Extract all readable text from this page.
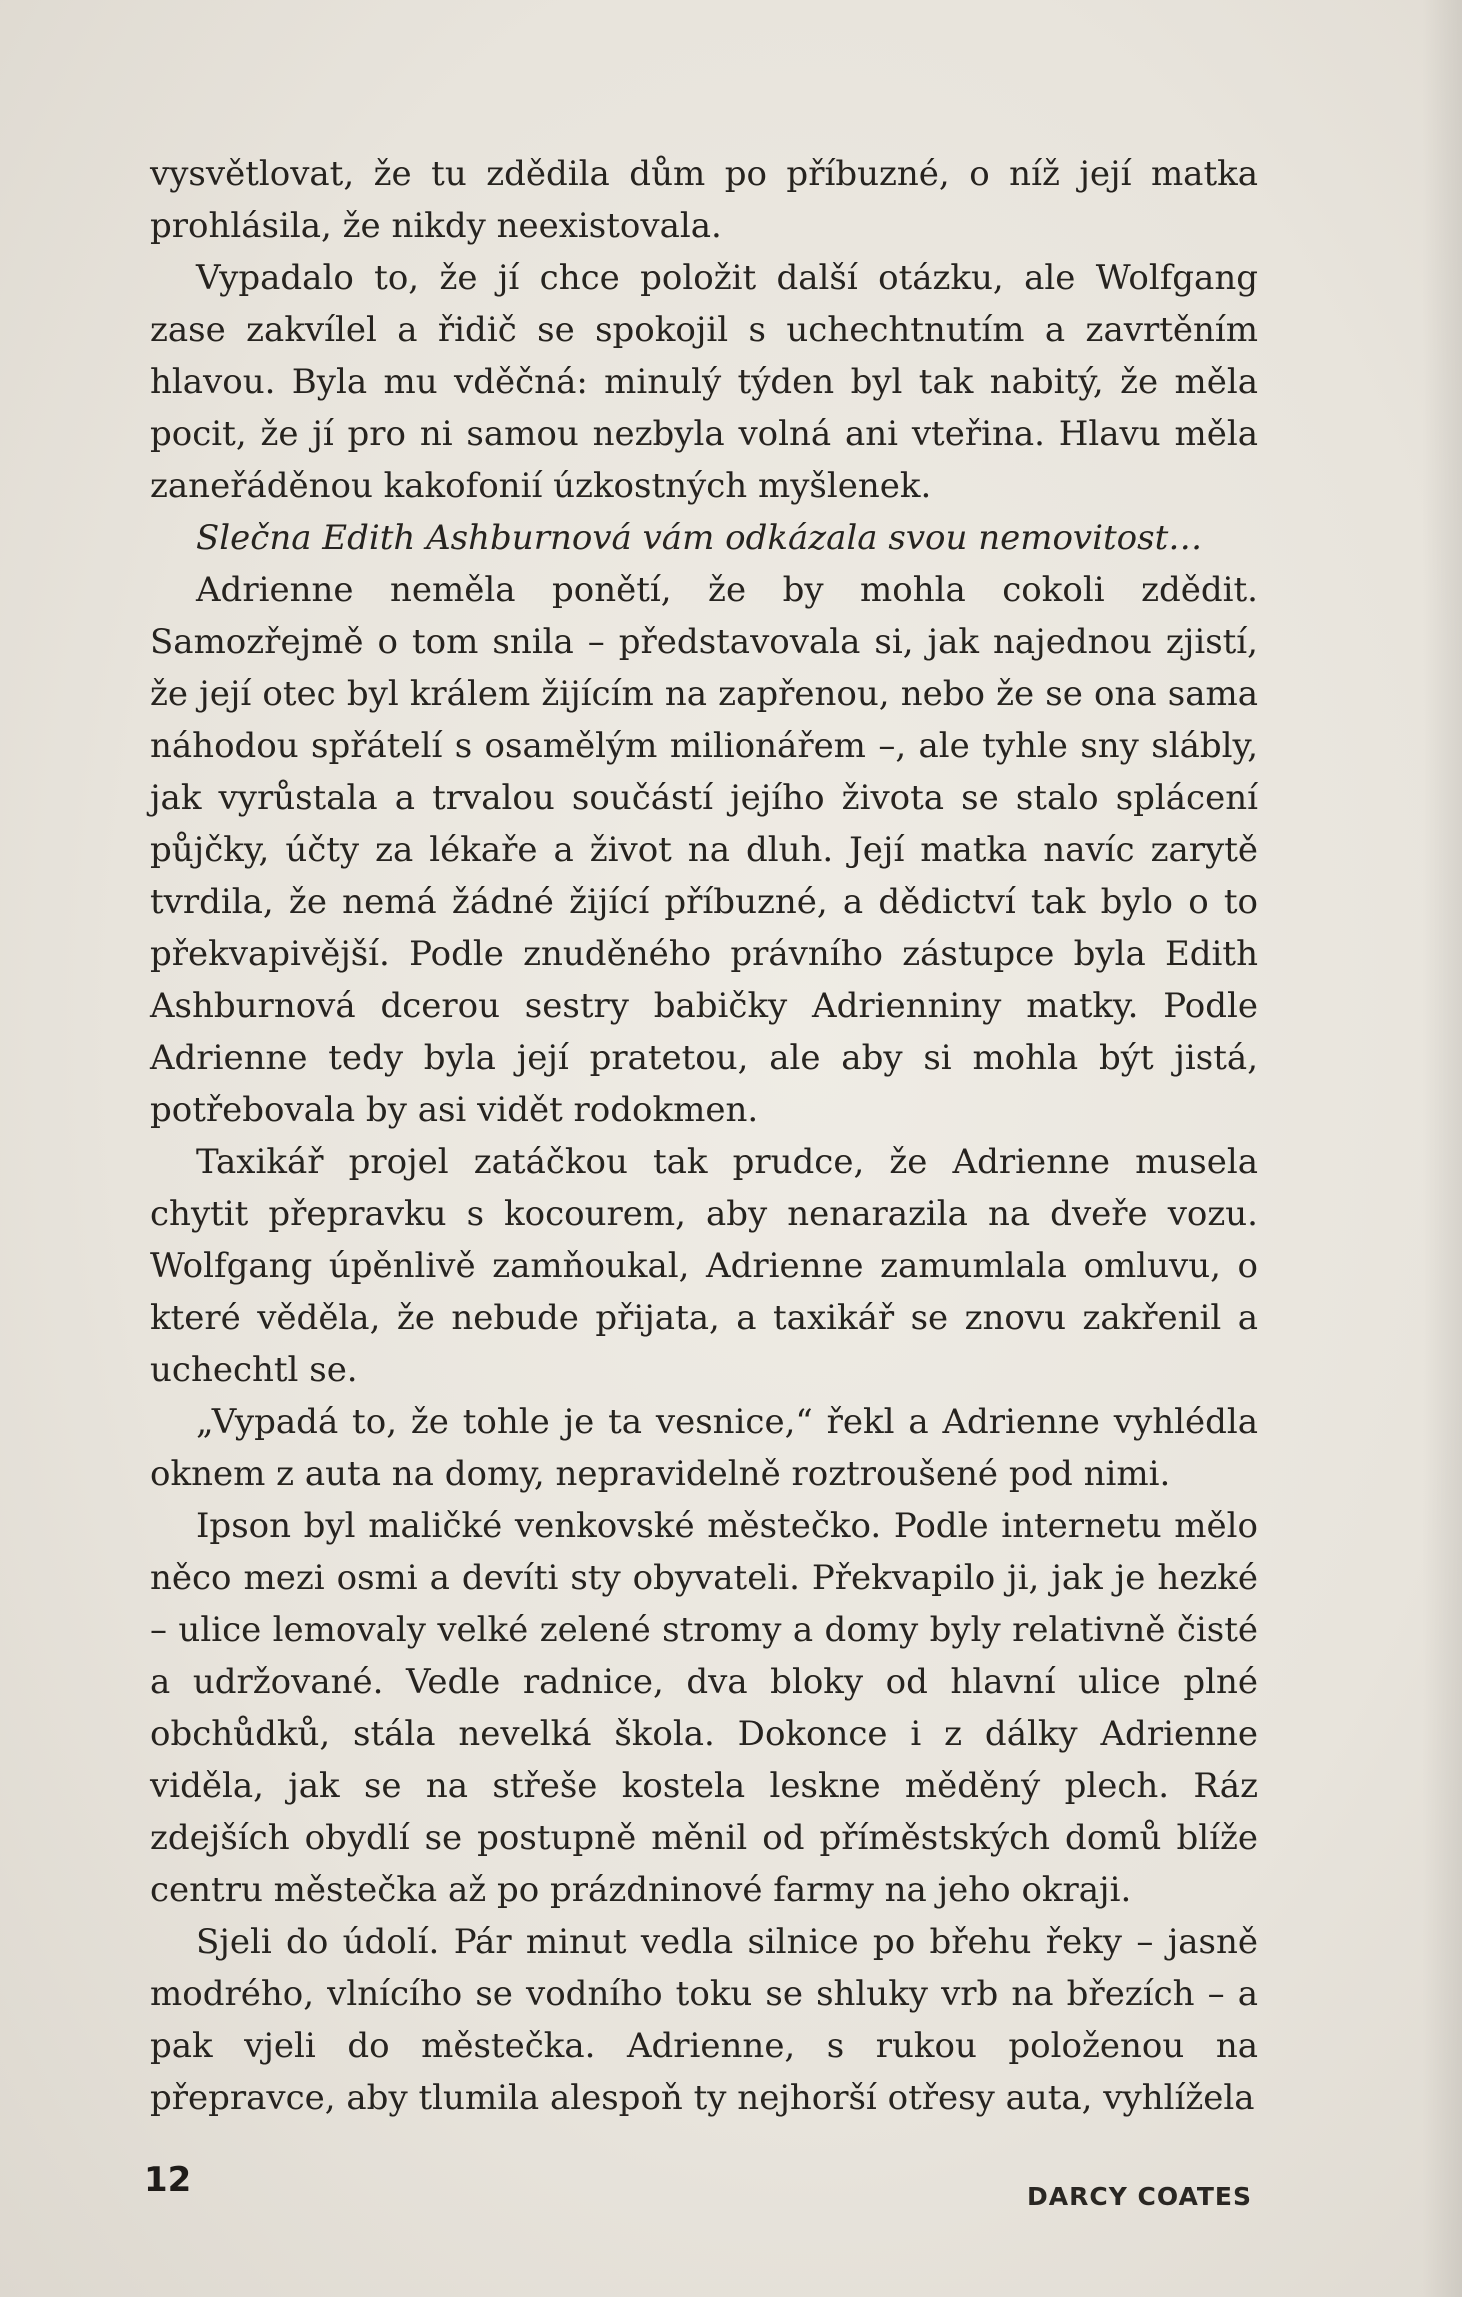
vysvětlovat, že tu zdědila dům po příbuzné, o níž její matka prohlásila, že nikdy neexistovala.

Vypadalo to, že jí chce položit další otázku, ale Wolfgang zase zakvílel a řidič se spokojil s uchechtnutím a zavrtěním hlavou. Byla mu vděčná: minulý týden byl tak nabitý, že měla pocit, že jí pro ni samou nezbyla volná ani vteřina. Hlavu měla zaneřáděnou kakofonií úzkostných myšlenek.

Slečna Edith Ashburnová vám odkázala svou nemovitost…

Adrienne neměla ponětí, že by mohla cokoli zdědit. Samozřejmě o tom snila – představovala si, jak najednou zjistí, že její otec byl králem žijícím na zapřenou, nebo že se ona sama náhodou spřátelí s osamělým milionářem –, ale tyhle sny slábly, jak vyrůstala a trvalou součástí jejího života se stalo splácení půjčky, účty za lékaře a život na dluh. Její matka navíc zarytě tvrdila, že nemá žádné žijící příbuzné, a dědictví tak bylo o to překvapivější. Podle znuděného právního zástupce byla Edith Ashburnová dcerou sestry babičky Adrienniny matky. Podle Adrienne tedy byla její pratetou, ale aby si mohla být jistá, potřebovala by asi vidět rodokmen.

Taxikář projel zatáčkou tak prudce, že Adrienne musela chytit přepravku s kocourem, aby nenarazila na dveře vozu. Wolfgang úpěnlivě zamňoukal, Adrienne zamumlala omluvu, o které věděla, že nebude přijata, a taxikář se znovu zakřenil a uchechtl se.

„Vypadá to, že tohle je ta vesnice,“ řekl a Adrienne vyhlédla oknem z auta na domy, nepravidelně roztroušené pod nimi.

Ipson byl maličké venkovské městečko. Podle internetu mělo něco mezi osmi a devíti sty obyvateli. Překvapilo ji, jak je hezké – ulice lemovaly velké zelené stromy a domy byly relativně čisté a udržované. Vedle radnice, dva bloky od hlavní ulice plné obchůdků, stála nevelká škola. Dokonce i z dálky Adrienne viděla, jak se na střeše kostela leskne měděný plech. Ráz zdejších obydlí se postupně měnil od příměstských domů blíže centru městečka až po prázdninové farmy na jeho okraji.

Sjeli do údolí. Pár minut vedla silnice po břehu řeky – jasně modrého, vlnícího se vodního toku se shluky vrb na březích – a pak vjeli do městečka. Adrienne, s rukou položenou na přepravce, aby tlumila alespoň ty nejhorší otřesy auta, vyhlížela

12	DARCY COATES
